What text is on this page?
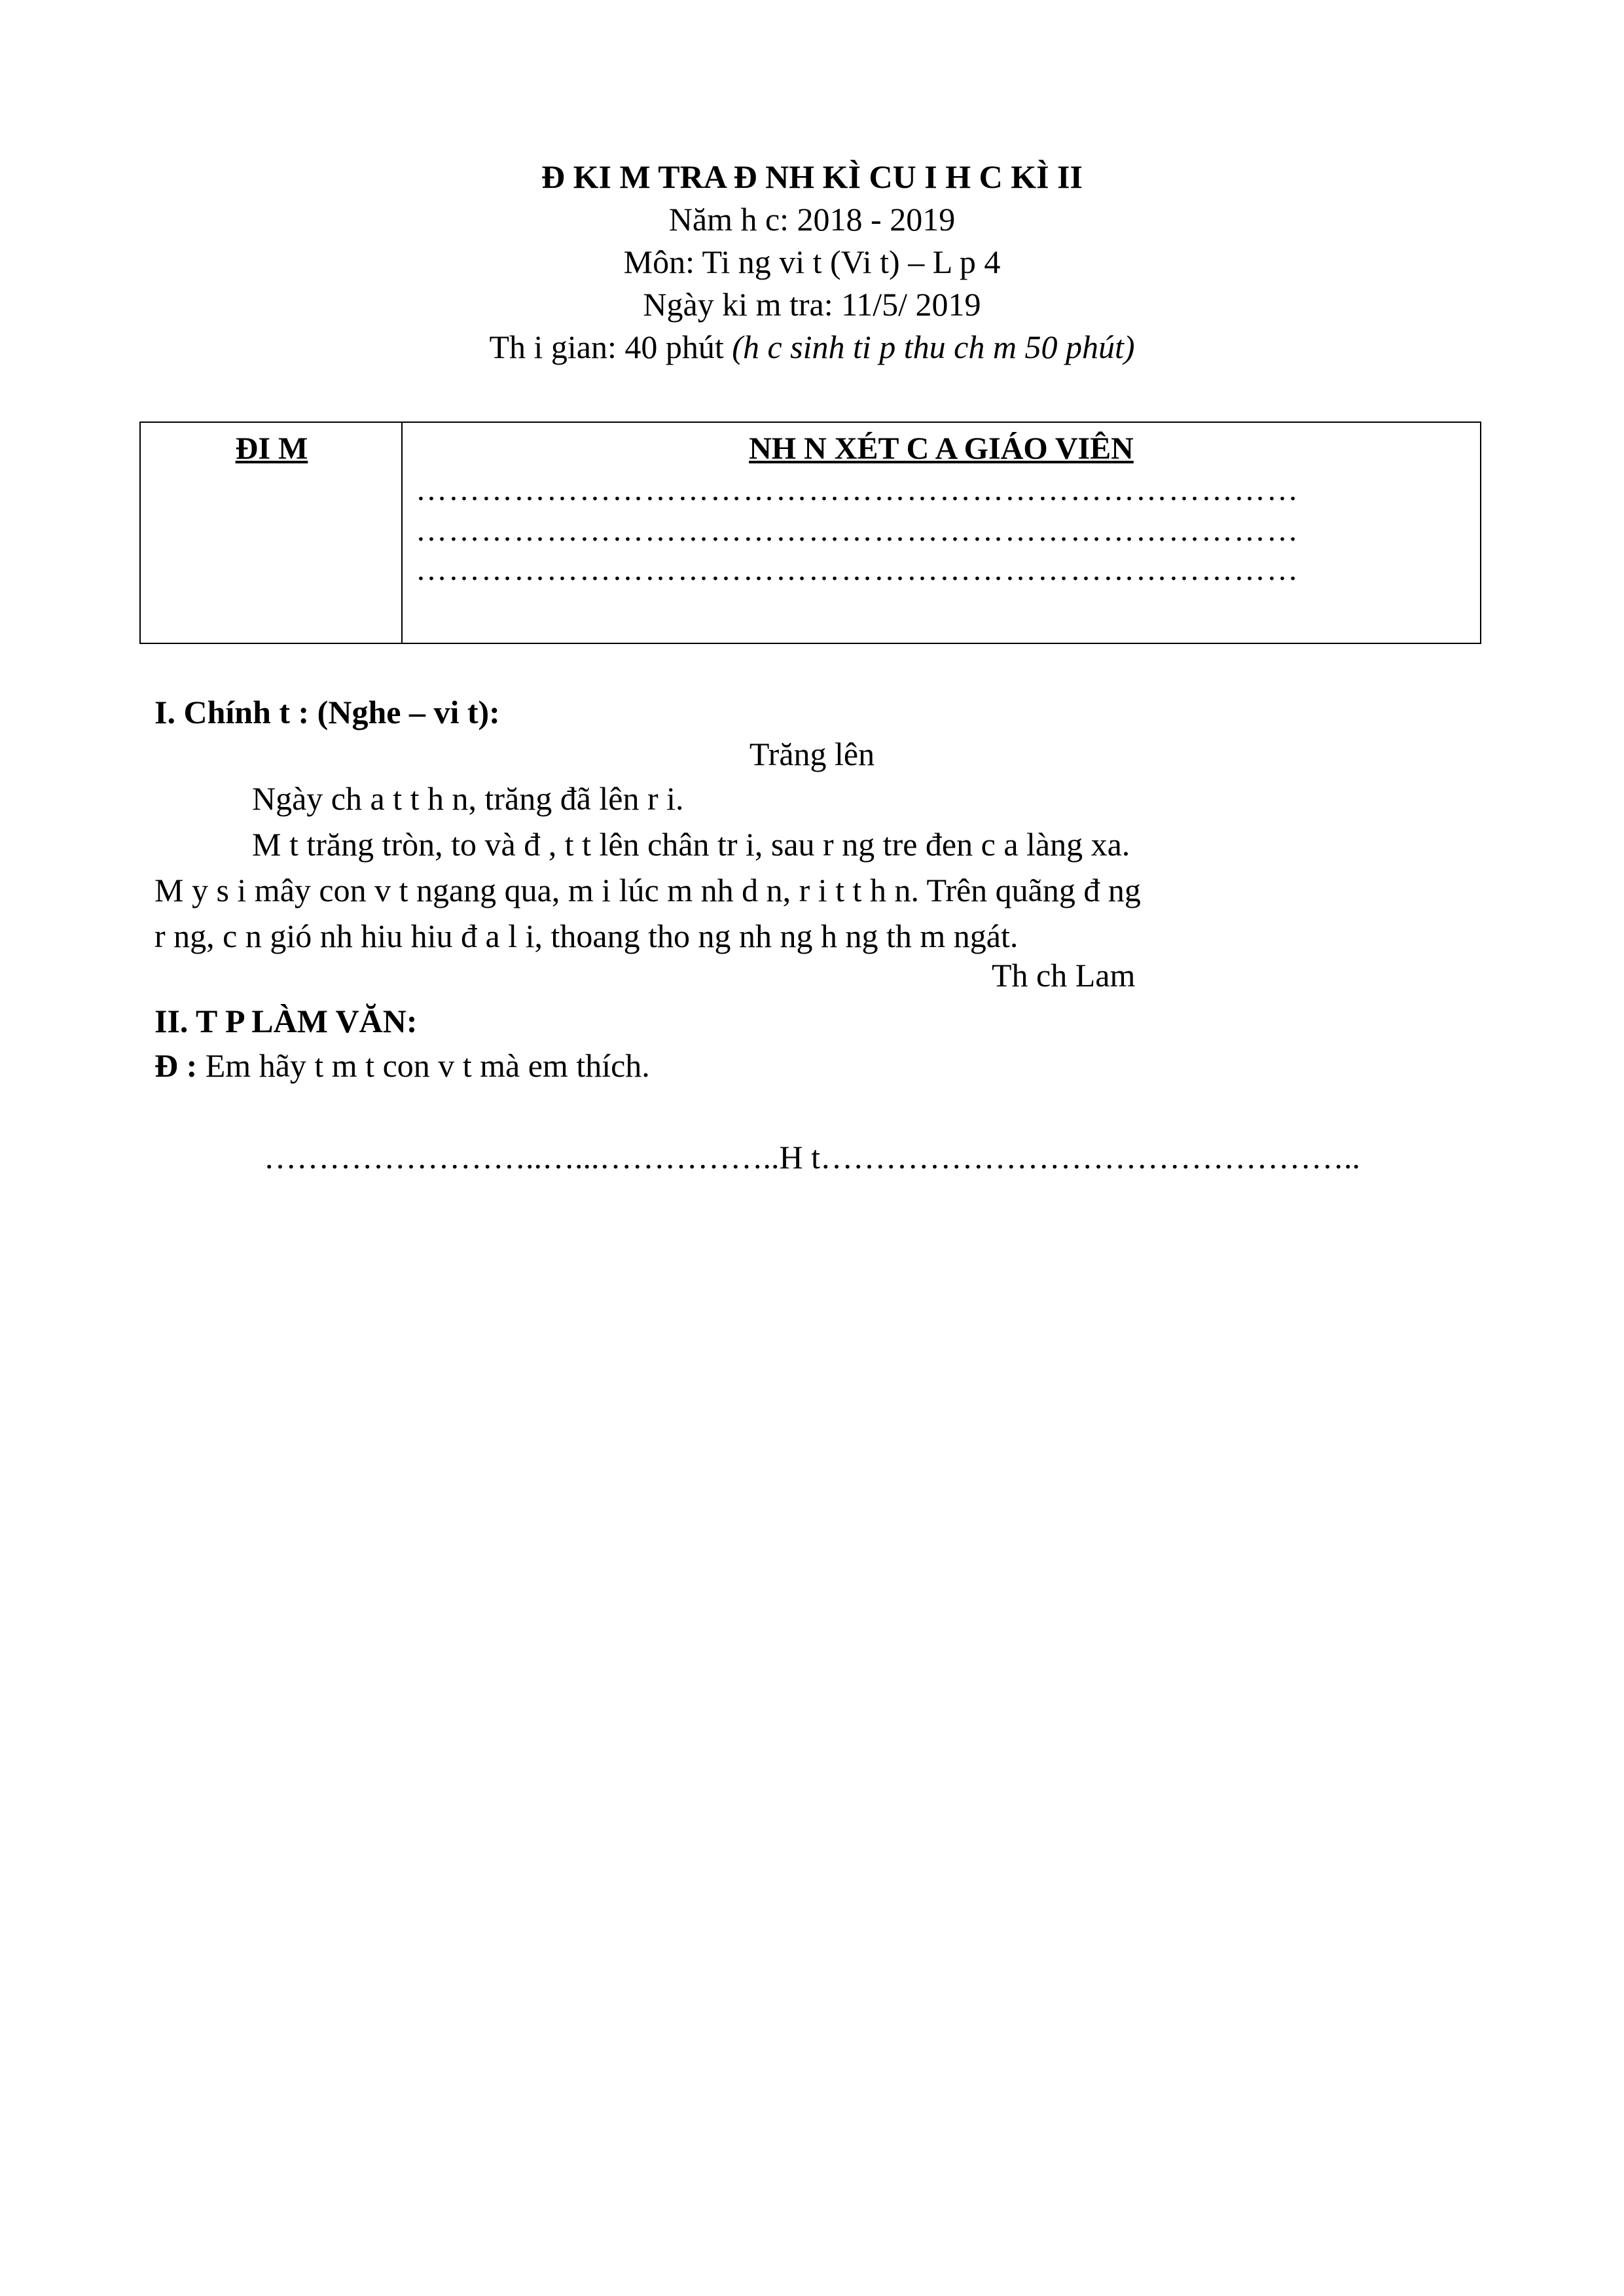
Đ KI M TRA Đ NH KÌ CU I H C KÌ II
Năm h c: 2018 - 2019
Môn: Ti ng vi t (Vi t) – L p 4
Ngày ki m tra: 11/5/ 2019
Th i gian: 40 phút (h c sinh ti p thu ch m 50 phút)
ĐI M	NH N XÉT C A GIÁO VIÊN
………………………………………………………………………
………………………………………………………………………
………………………………………………………………………
I. Chính t : (Nghe – vi t):
Trăng lên
Ngày ch a t t h n, trăng đã lên r i.
M t trăng tròn, to và đ , t t lên chân tr i, sau r ng tre đen c a làng xa.
M y s i mây con v t ngang qua, m i lúc m nh d n, r i t t h n. Trên quãng đ ng
r ng, c n gió nh hiu hiu đ a l i, thoang tho ng nh ng h ng th m ngát.
Th ch Lam
II. T P LÀM VĂN:
Đ : Em hãy t m t con v t mà em thích.
……………………..…...……………..H t…………………………………………..
